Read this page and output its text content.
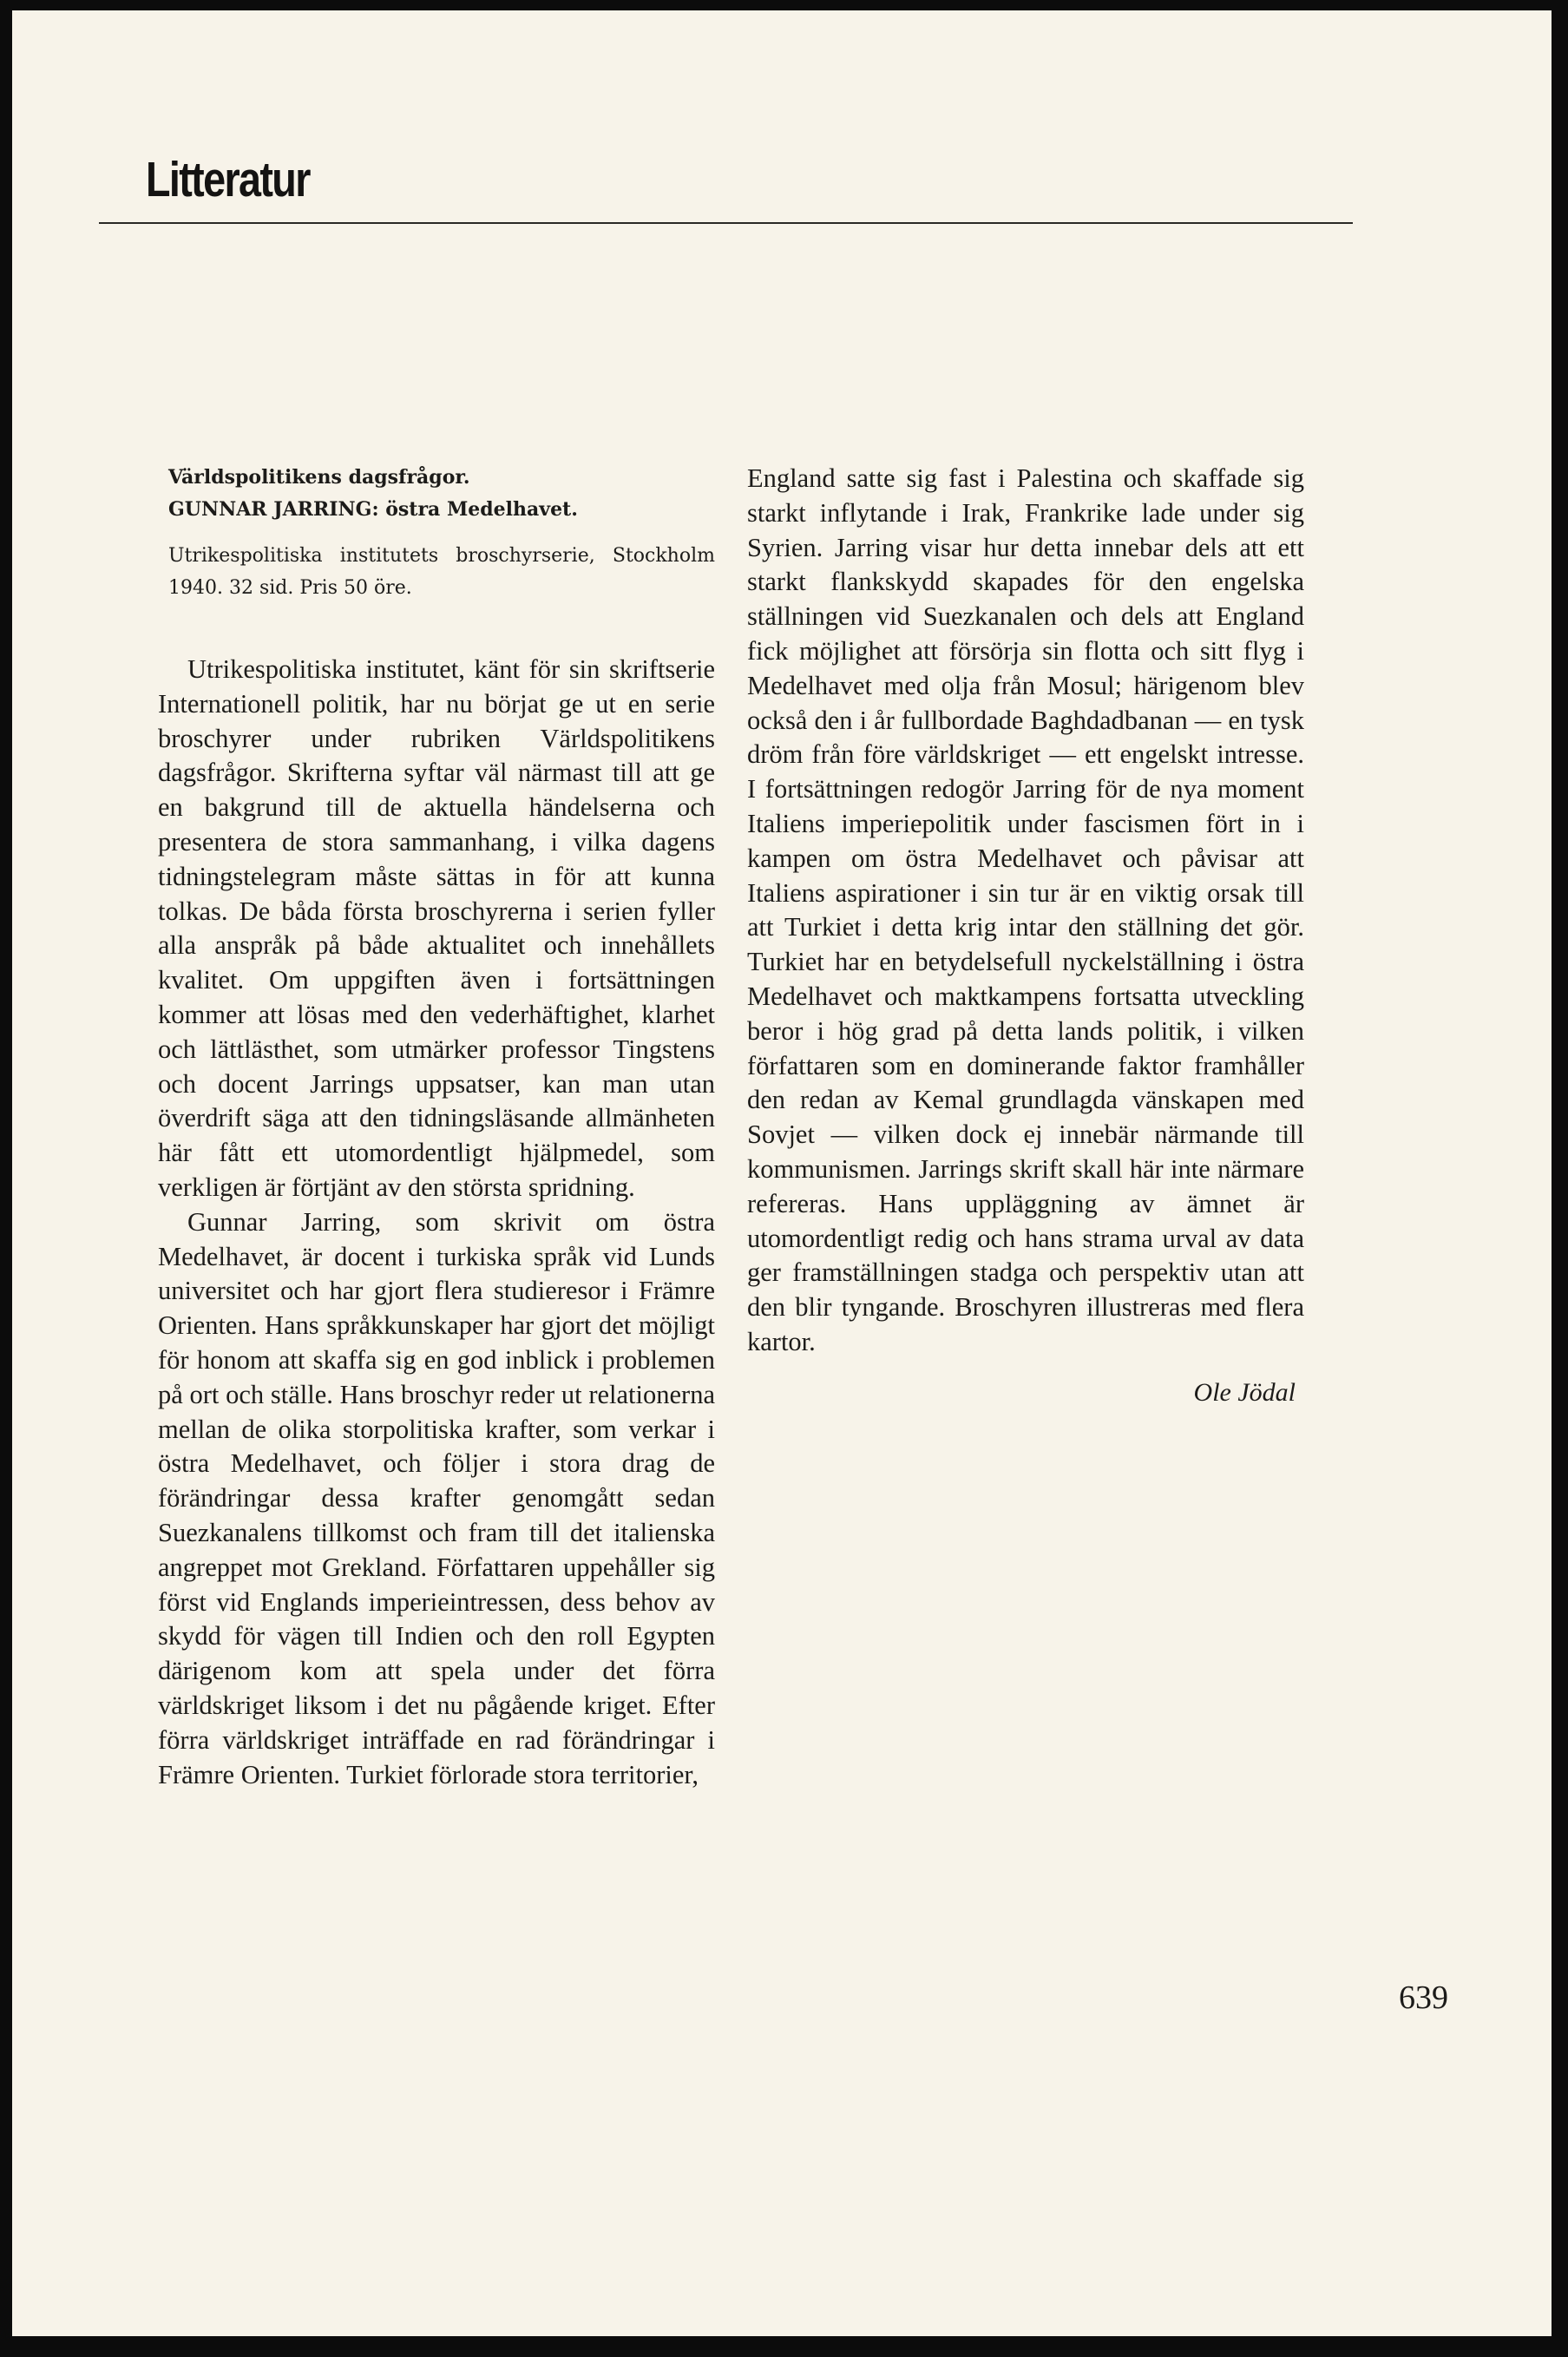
Litteratur

Världspolitikens dagsfrågor.

GUNNAR JARRING: östra Medelhavet.

Utrikespolitiska institutets broschyrserie, Stockholm 1940. 32 sid. Pris 50 öre.

Utrikespolitiska institutet, känt för sin skriftserie Internationell politik, har nu börjat ge ut en serie broschyrer under rubriken Världspolitikens dagsfrågor. Skrifterna syftar väl närmast till att ge en bakgrund till de aktuella händelserna och presentera de stora sammanhang, i vilka dagens tidningstelegram måste sättas in för att kunna tolkas. De båda första broschyrerna i serien fyller alla anspråk på både aktualitet och innehållets kvalitet. Om uppgiften även i fortsättningen kommer att lösas med den vederhäftighet, klarhet och lättlästhet, som utmärker professor Tingstens och docent Jarrings uppsatser, kan man utan överdrift säga att den tidningsläsande allmänheten här fått ett utomordentligt hjälpmedel, som verkligen är förtjänt av den största spridning.

Gunnar Jarring, som skrivit om östra Medelhavet, är docent i turkiska språk vid Lunds universitet och har gjort flera studieresor i Främre Orienten. Hans språkkunskaper har gjort det möjligt för honom att skaffa sig en god inblick i problemen på ort och ställe. Hans broschyr reder ut relationerna mellan de olika storpolitiska krafter, som verkar i östra Medelhavet, och följer i stora drag de förändringar dessa krafter genomgått sedan Suezkanalens tillkomst och fram till det italienska angreppet mot Grekland. Författaren uppehåller sig först vid Englands imperieintressen, dess behov av skydd för vägen till Indien och den roll Egypten därigenom kom att spela under det förra världskriget liksom i det nu pågående kriget. Efter förra världskriget inträffade en rad förändringar i Främre Orienten. Turkiet förlorade stora territorier,

England satte sig fast i Palestina och skaffade sig starkt inflytande i Irak, Frankrike lade under sig Syrien. Jarring visar hur detta innebar dels att ett starkt flankskydd skapades för den engelska ställningen vid Suezkanalen och dels att England fick möjlighet att försörja sin flotta och sitt flyg i Medelhavet med olja från Mosul; härigenom blev också den i år fullbordade Baghdadbanan — en tysk dröm från före världskriget — ett engelskt intresse. I fortsättningen redogör Jarring för de nya moment Italiens imperiepolitik under fascismen fört in i kampen om östra Medelhavet och påvisar att Italiens aspirationer i sin tur är en viktig orsak till att Turkiet i detta krig intar den ställning det gör. Turkiet har en betydelsefull nyckelställning i östra Medelhavet och maktkampens fortsatta utveckling beror i hög grad på detta lands politik, i vilken författaren som en dominerande faktor framhåller den redan av Kemal grundlagda vänskapen med Sovjet — vilken dock ej innebär närmande till kommunismen. Jarrings skrift skall här inte närmare refereras. Hans uppläggning av ämnet är utomordentligt redig och hans strama urval av data ger framställningen stadga och perspektiv utan att den blir tyngande. Broschyren illustreras med flera kartor.

Ole Jödal

639
